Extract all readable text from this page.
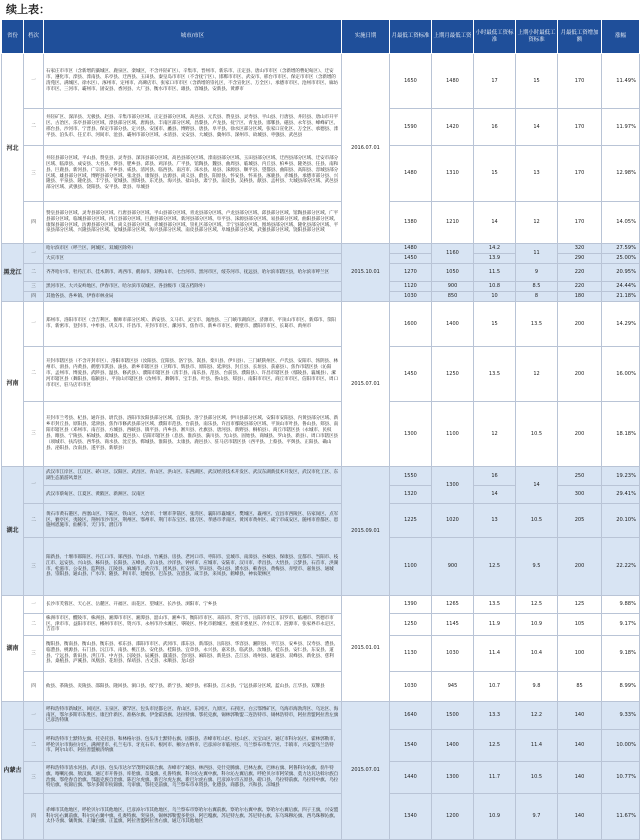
续上表：
省份	档次	城市/市区	实施日期	月最低工资标准	上期月最低工资	小时最低工资标准	上期小时最低工资标准	月最低工资增加额	涨幅
河北	一	石家庄市市区（含新增的藁城区、鹿泉区、栾城区，不含井陉矿区）、辛集市、晋州市、新乐市、正定县、唐山市市区（含新增的曹妃甸区）、迁安市、遵化市、滦县、滦南县、乐亭县、迁西县、玉田县、秦皇岛市市区（不含抚宁区）、邯郸市市区、武安市、邢台市市区、保定市市区（含新增的清苑区、满城区、徐水区）、涿州市、定州市、高碑店市、张家口市市区（含新增的崇礼区，不含宣化区、万全区）、承德市市区、沧州市市区、廊坊市市区、三河市、霸州市、固安县、香河县、大厂县、衡水市市区、雄县、容城县、安新县、黄骅市	2016.07.01	1650	1480	17	15	170	11.49%
	二	井陉矿区、深泽县、无极县、赵县、辛集市部分区域、正定县部分区域、高邑县、元氏县、赞皇县、灵寿县、平山县、行唐县、井陉县、唐山市开平区、古冶区、乐亭县部分区域、滦县部分区域、唐海县、丰南区部分区域、昌黎县、卢龙县、抚宁区、青龙县、邯郸县、磁县、永年县、峰峰矿区、邢台县、沙河市、宁晋县、保定市部分县、定兴县、安国市、蠡县、博野县、唐县、阜平县、徐水区部分区域、张家口宣化区、万全区、承德县、滦平县、泊头市、任丘市、河间市、沧县、霸州市部分区域、永清县、文安县、大城县、冀州市、深州市、故城县、枣强县、武邑县		1590	1420	16	14	170	11.97%
	三	井陉县部分区域、平山县、赞皇县、灵寿县、深泽县部分区域、高邑县部分区域、滦南县部分区域、玉田县部分区域、迁西县部分区域、迁安市部分区域、临漳县、成安县、大名县、涉县、肥乡县、邱县、鸡泽县、广平县、馆陶县、魏县、曲周县、临城县、内丘县、柏乡县、隆尧县、任县、南和县、巨鹿县、新河县、广宗县、平乡县、威县、清河县、临西县、南宫市、涞水县、易县、涞源县、顺平县、望都县、曲阳县、高阳县、容城县部分区域、雄县部分区域、博野县部分区域、张北县、康保县、沽源县、尚义县、蔚县、阳原县、怀安县、怀来县、涿鹿县、赤城县、承德市部分县、兴隆县、平泉县、隆化县、丰宁县、宽城县、围场县、东光县、海兴县、盐山县、肃宁县、南皮县、吴桥县、献县、孟村县、大城县部分区域、武邑县部分区域、武强县、饶阳县、安平县、景县、阜城县		1480	1310	15	13	170	12.98%
	四	赞皇县部分区域、灵寿县部分区域、行唐县部分区域、平山县部分区域、青龙县部分区域、卢龙县部分区域、邱县部分区域、馆陶县部分区域、广平县部分区域、临城县部分区域、内丘县部分区域、巨鹿县部分区域、新河县部分区域、阜平县、涞源县部分区域、易县部分区域、曲阳县部分区域、康保县部分区域、沽源县部分区域、尚义县部分区域、赤城县部分区域、崇礼区部分区域、丰宁县部分区域、围场县部分区域、隆化县部分区域、平泉县部分区域、兴隆县部分区域、宽城县部分区域、海兴县部分区域、南皮县部分区域、阜城县部分区域、武强县部分区域、饶阳县部分区域		1380	1210	14	12	170	14.05%
黑龙江	一	哈尔滨市区（呼兰区、阿城区、双城区除外）	2015.10.01	1480	1160	14.2	11	320	27.59%
		大庆市区		1450		13.9		290	25.00%
	二	齐齐哈尔市、牡丹江市、佳木斯市、鸡西市、鹤岗市、双鸭山市、七台河市、黑河市区，绥芬河市、抚远县，哈尔滨市辖区县，哈尔滨市呼兰区		1270	1050	11.5	9	220	20.95%
	三	黑河市区、大兴安岭地区、伊春市区、哈尔滨市双城区、各县级市（第五档除外）		1120	900	10.8	8.5	220	24.44%
	四	其他各县、各乡镇、伊春市林业局		1030	850	10	8	180	21.18%
河南	一	郑州市、洛阳市市区（含吉利区、偃师市部分区域）、新安县、义马市、灵宝市、渑池县、三门峡市湖滨区、济源市、平顶山市市区、新郑市、荥阳市、新密市、登封市、中牟县、巩义市、许昌市、开封市市区、漯河市、焦作市、新乡市市区、鹤壁市、濮阳市市区、长葛市、禹州市	2015.07.01	1600	1400	15	13.5	200	14.29%
	二	开封市辖区县（不含开封市区）、洛阳市辖区县（汝阳县、宜阳县、洛宁县、嵩县、栾川县、伊川县）、三门峡陕州区、卢氏县、安阳市、汤阴县、林州市、滑县、内黄县、鹤壁市淇县、浚县、新乡市辖区县（卫辉市、辉县市、原阳县、延津县、封丘县、长垣县、获嘉县）、焦作市辖区县（沁阳市、孟州市、博爱县、武陟县、温县、修武县）、濮阳市辖区县（清丰县、南乐县、范县、台前县、濮阳县）、许昌市辖区县（鄢陵县、襄城县）、漯河市辖区县（舞阳县、临颍县）、平顶山市辖区县（汝州市、舞钢市、宝丰县、叶县、鲁山县、郏县）、南阳市市区、商丘市市区、信阳市市区、周口市市区、驻马店市市区		1450	1250	13.5	12	200	16.00%
	三	开封市兰考县、杞县、通许县、尉氏县、洛阳市汝阳县部分区域、宜阳县、洛宁县部分区域、伊川县部分区域、安阳市安阳县、内黄县部分区域、新乡市封丘县、原阳县、延津县、焦作市修武县部分区域、濮阳市范县、台前县、南乐县、许昌市鄢陵县部分区域、平顶山市叶县、鲁山县、郏县、南阳市辖区县（邓州市、南召县、方城县、西峡县、镇平县、内乡县、淅川县、社旗县、唐河县、新野县、桐柏县）、商丘市辖区县（永城市、民权县、睢县、宁陵县、柘城县、虞城县、夏邑县）、信阳市辖区县（息县、淮滨县、潢川县、光山县、固始县、商城县、罗山县、新县）、周口市辖区县（项城市、扶沟县、西华县、商水县、沈丘县、郸城县、淮阳县、太康县、鹿邑县）、驻马店市辖区县（西平县、上蔡县、平舆县、正阳县、确山县、泌阳县、汝南县、遂平县、新蔡县）		1300	1100	12	10.5	200	18.18%
湖北	一	武汉市江岸区、江汉区、硚口区、汉阳区、武昌区、青山区、洪山区、东西湖区、武汉经济技术开发区、武汉东湖新技术开发区，武汉市化工区、东湖生态旅游风景区	2015.09.01	1550	1300	16	14	250	19.23%
		武汉市蔡甸区、江夏区、黄陂区、新洲区、汉南区		1320		14		300	29.41%
	二	黄石市黄石港区、西塞山区、下陆区、铁山区、大冶市、十堰市茅箭区、张湾区、襄阳市襄城区、樊城区、襄州区、宜昌市西陵区、伍家岗区、点军区、猇亭区、夷陵区、荆州市沙市区、荆州区、鄂州市、荆门市东宝区、掇刀区、孝感市孝南区、黄冈市黄州区、咸宁市咸安区、随州市曾都区、恩施州恩施市、仙桃市、天门市、潜江市		1225	1020	13	10.5	205	20.10%
	三	阳新县、十堰市郧阳区、丹江口市、郧西县、竹山县、竹溪县、房县、老河口市、枣阳市、宜城市、南漳县、谷城县、保康县、宜都市、当阳市、枝江市、远安县、兴山县、秭归县、长阳县、五峰县、京山县、沙洋县、钟祥市、应城市、安陆市、汉川市、孝昌县、大悟县、云梦县、石首市、洪湖市、松滋市、公安县、监利县、江陵县、麻城市、武穴市、团风县、红安县、罗田县、英山县、浠水县、蕲春县、黄梅县、赤壁市、嘉鱼县、通城县、崇阳县、通山县、广水市、随县、利川市、建始县、巴东县、宣恩县、咸丰县、来凤县、鹤峰县、神农架林区		1100	900	12.5	9.5	200	22.22%
湖南	一	长沙市芙蓉区、天心区、岳麓区、开福区、雨花区、望城区、长沙县、浏阳市、宁乡县	2015.01.01	1390	1265	13.5	12.5	125	9.88%
	二	株洲市市区、醴陵市、株洲县、湘潭市市区、湘潭县、韶山市、湘乡市、衡阳市市区、耒阳市、常宁市、岳阳市市区、汨罗市、临湘市、常德市市区、津市市、益阳市市区、郴州市市区、资兴市、永州市冷水滩区、零陵区、怀化市鹤城区、娄底市娄星区、冷水江市、涟源市、张家界市永定区、吉首市		1250	1145	11.9	10.9	105	9.17%
	三	衡阳县、衡南县、衡山县、衡东县、祁东县、邵阳市市区、武冈市、邵东县、新邵县、岳阳县、华容县、湘阴县、平江县、安乡县、汉寿县、澧县、临澧县、桃源县、石门县、沅江市、南县、桃江县、安化县、桂阳县、宜章县、永兴县、嘉禾县、临武县、汝城县、桂东县、安仁县、东安县、道县、宁远县、新田县、洪江市、中方县、沅陵县、辰溪县、溆浦县、会同县、麻阳县、新晃县、芷江县、靖州县、通道县、双峰县、新化县、慈利县、桑植县、泸溪县、凤凰县、花垣县、保靖县、古丈县、永顺县、龙山县		1130	1030	11.4	10.4	100	9.18%
	四	攸县、茶陵县、炎陵县、邵阳县、隆回县、洞口县、绥宁县、新宁县、城步县、祁阳县、江永县、宁远县部分区域、蓝山县、江华县、双牌县		1030	945	10.7	9.8	85	8.99%
内蒙古	一	呼和浩特市新城区、回民区、玉泉区、赛罕区、包头市昆都仑区、青山区、东河区、九原区、石拐区、白云鄂博矿区，乌海市海勃湾区、乌达区、海南区，鄂尔多斯市东胜区、康巴什新区、准格尔旗、伊金霍洛旗、达拉特旗、鄂托克旗，锡林郭勒盟二连浩特市、锡林浩特市，阿拉善盟阿拉善左旗巴彦浩特镇	2015.07.01	1640	1500	13.3	12.2	140	9.33%
	二	呼和浩特市土默特左旗、托克托县、和林格尔县、包头市土默特右旗、固阳县、赤峰市红山区、松山区、元宝山区、通辽市科尔沁区、霍林郭勒市、呼伦贝尔市海拉尔区、满洲里市、扎兰屯市、牙克石市、根河市、额尔古纳市、巴彦淖尔市临河区、乌兰察布市集宁区、丰镇市、兴安盟乌兰浩特市、阿尔山市、阿拉善盟额济纳旗		1540	1400	12.5	11.4	140	10.00%
	三	呼和浩特市清水河县、武川县、包头市达尔罕茂明安联合旗、赤峰市宁城县、林西县、克什克腾旗、巴林左旗、巴林右旗、阿鲁科尔沁旗、翁牛特旗、喀喇沁旗、敖汉旗、通辽市开鲁县、库伦旗、奈曼旗、扎鲁特旗、科尔沁左翼中旗、科尔沁左翼后旗、呼伦贝尔市阿荣旗、莫力达瓦达斡尔族自治旗、鄂伦春自治旗、鄂温克族自治旗、陈巴尔虎旗、新巴尔虎左旗、新巴尔虎右旗、巴彦淖尔市五原县、磴口县、乌拉特前旗、乌拉特中旗、乌拉特后旗、杭锦后旗、鄂尔多斯市杭锦旗、乌审旗、鄂托克前旗，乌兰察布市卓资县、化德县、商都县、兴和县、凉城县		1440	1300	11.7	10.5	140	10.77%
	四	赤峰市其他地区，呼伦贝尔市其他地区，巴彦淖尔市其他地区，乌兰察布市察哈尔右翼前旗、察哈尔右翼中旗、察哈尔右翼后旗、四子王旗，兴安盟科尔沁右翼前旗、科尔沁右翼中旗、扎赉特旗、突泉县，锡林郭勒盟多伦县、阿巴嘎旗、苏尼特左旗、苏尼特右旗、东乌珠穆沁旗、西乌珠穆沁旗、太仆寺旗、镶黄旗、正镶白旗、正蓝旗，阿拉善盟阿拉善右旗，通辽市其他地区		1340	1200	10.9	9.7	140	11.67%
